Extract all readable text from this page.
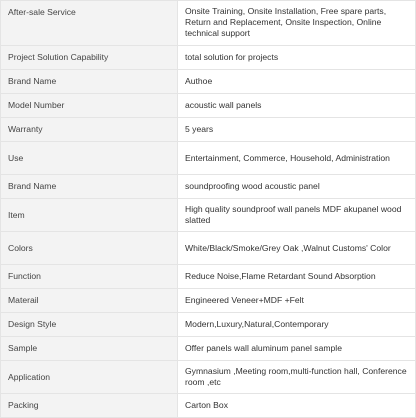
After-sale Service	Onsite Training, Onsite Installation, Free spare parts, Return and Replacement, Onsite Inspection, Online technical support
Project Solution Capability	total solution for projects
Brand Name	Authoe
Model Number	acoustic wall panels
Warranty	5 years
Use	Entertainment, Commerce, Household, Administration
Brand Name	soundproofing wood acoustic panel
Item	High quality soundproof wall panels MDF akupanel wood slatted
Colors	White/Black/Smoke/Grey Oak ,Walnut Customs' Color
Function	Reduce Noise,Flame Retardant Sound Absorption
Materail	Engineered Veneer+MDF +Felt
Design Style	Modern,Luxury,Natural,Contemporary
Sample	Offer panels wall aluminum panel sample
Application	Gymnasium ,Meeting room,multi-function hall, Conference room ,etc
Packing	Carton Box
